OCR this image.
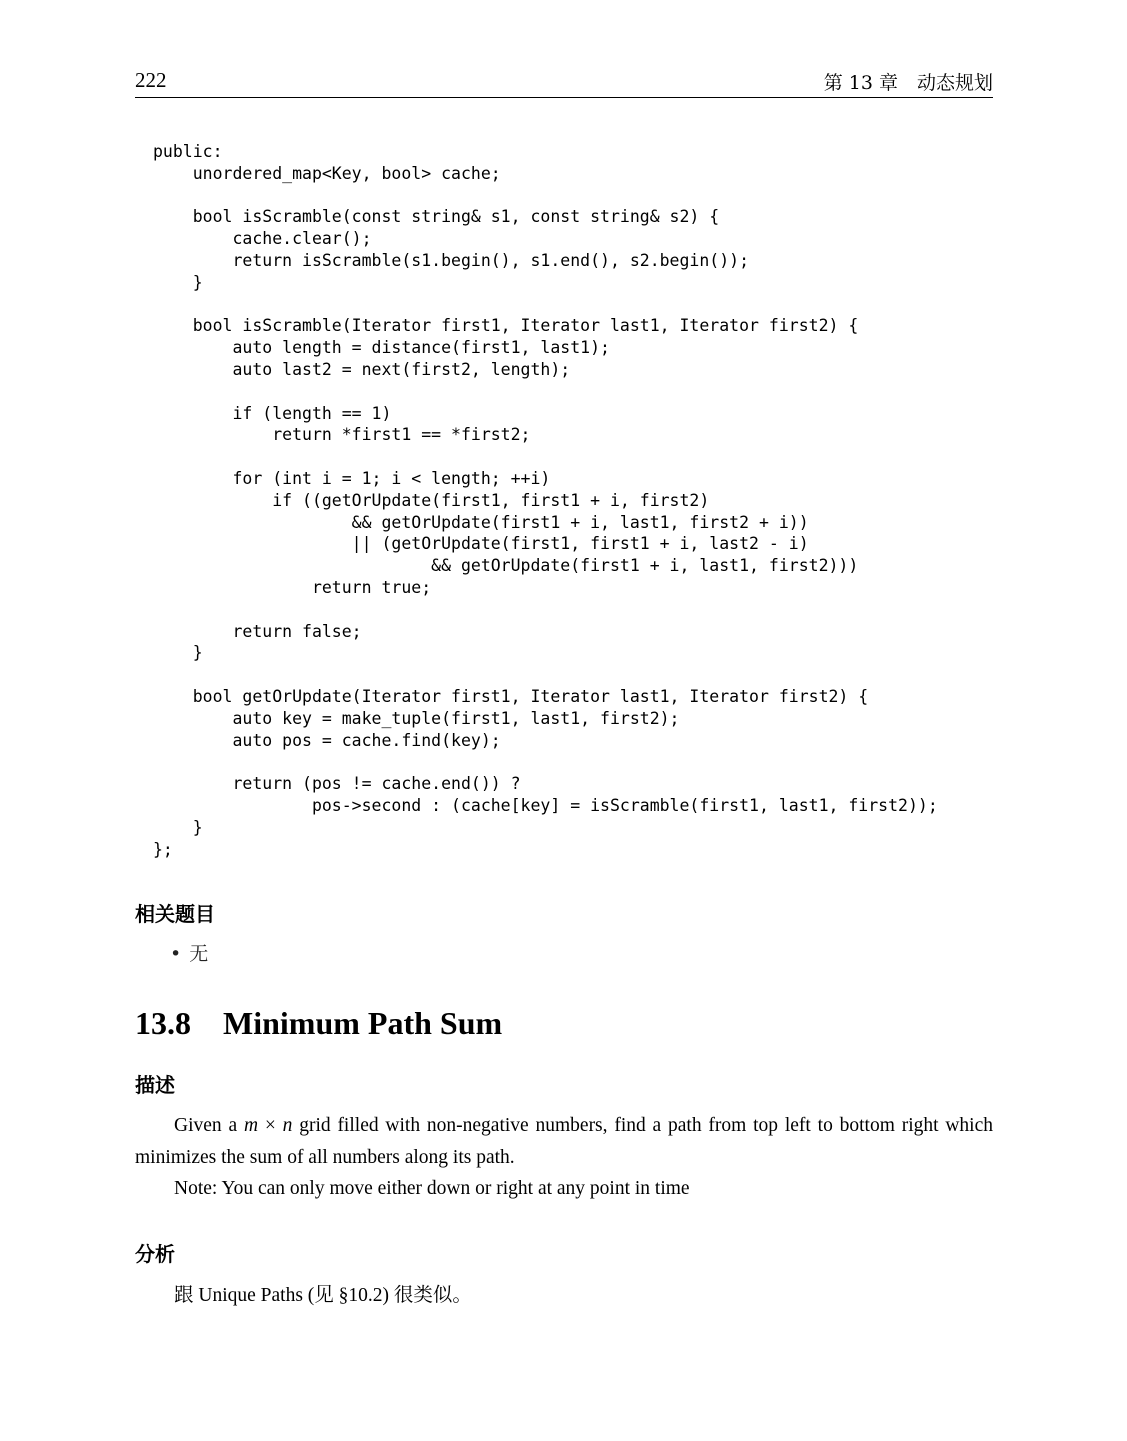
222	第 13 章　动态规划
public:
unordered_map<Key, bool> cache;
bool isScramble(const string& s1, const string& s2) {
cache.clear();
return isScramble(s1.begin(), s1.end(), s2.begin());
}
bool isScramble(Iterator first1, Iterator last1, Iterator first2) {
auto length = distance(first1, last1);
auto last2 = next(first2, length);
if (length == 1)
return *first1 == *first2;
for (int i = 1; i < length; ++i)
if ((getOrUpdate(first1, first1 + i, first2)
&& getOrUpdate(first1 + i, last1, first2 + i))
|| (getOrUpdate(first1, first1 + i, last2 - i)
&& getOrUpdate(first1 + i, last1, first2)))
return true;
return false;
}
bool getOrUpdate(Iterator first1, Iterator last1, Iterator first2) {
auto key = make_tuple(first1, last1, first2);
auto pos = cache.find(key);
return (pos != cache.end()) ?
pos->second : (cache[key] = isScramble(first1, last1, first2));
}
};
相关题目
• 无
13.8 Minimum Path Sum
描述
Given a m × n grid filled with non-negative numbers, find a path from top left to bottom right which minimizes the sum of all numbers along its path.
Note: You can only move either down or right at any point in time
分析
跟 Unique Paths (见 §10.2) 很类似。
